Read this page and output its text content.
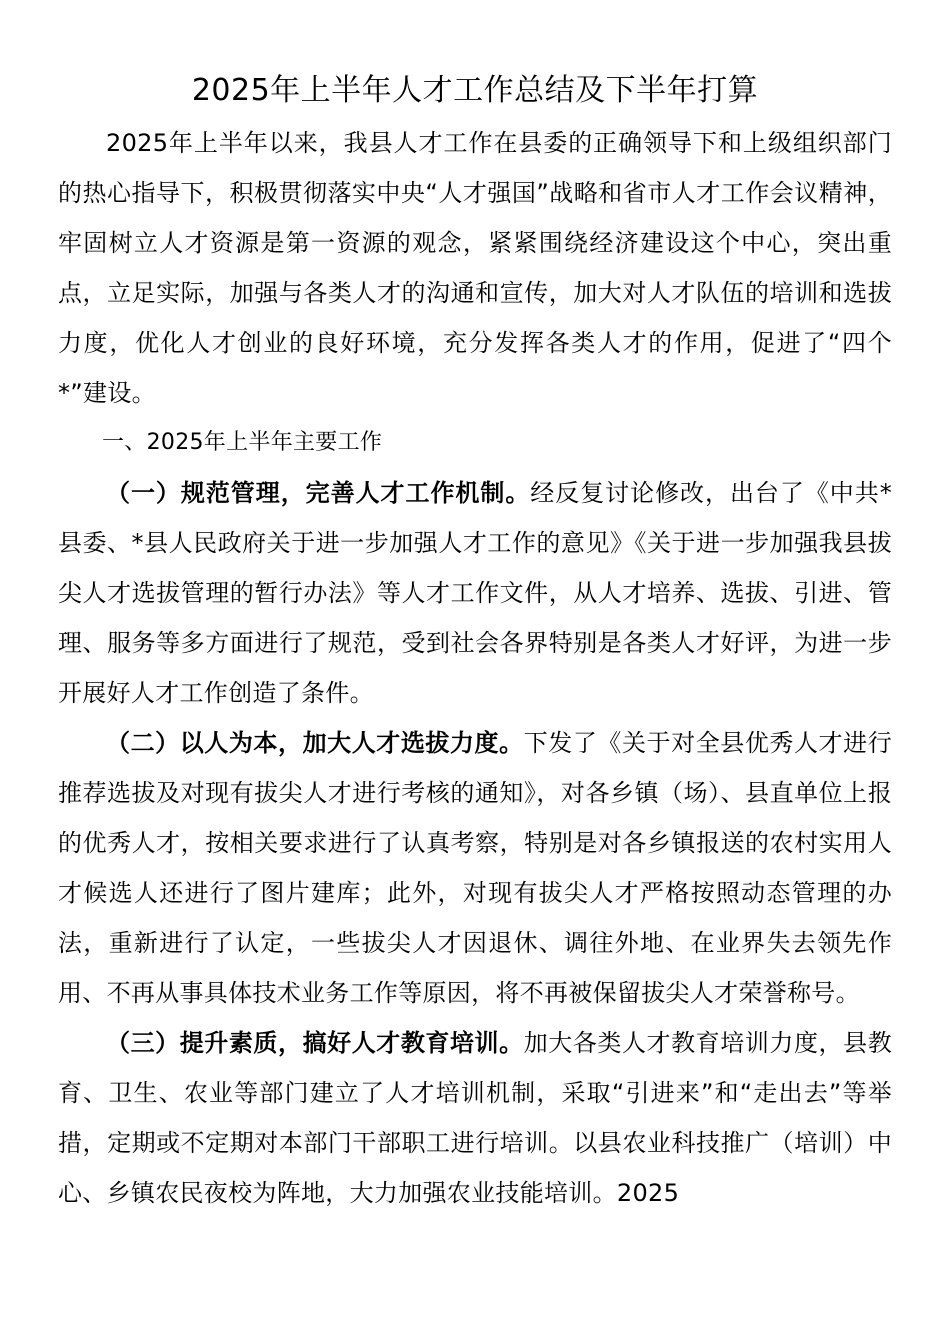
2025年上半年人才工作总结及下半年打算

2025年上半年以来，我县人才工作在县委的正确领导下和上级组织部门的热心指导下，积极贯彻落实中央“人才强国”战略和省市人才工作会议精神，牢固树立人才资源是第一资源的观念，紧紧围绕经济建设这个中心，突出重点，立足实际，加强与各类人才的沟通和宣传，加大对人才队伍的培训和选拔力度，优化人才创业的良好环境，充分发挥各类人才的作用，促进了“四个*”建设。

一、2025年上半年主要工作

（一）规范管理，完善人才工作机制。经反复讨论修改，出台了《中共*县委、*县人民政府关于进一步加强人才工作的意见》《关于进一步加强我县拔尖人才选拔管理的暂行办法》等人才工作文件，从人才培养、选拔、引进、管理、服务等多方面进行了规范，受到社会各界特别是各类人才好评，为进一步开展好人才工作创造了条件。

（二）以人为本，加大人才选拔力度。下发了《关于对全县优秀人才进行推荐选拔及对现有拔尖人才进行考核的通知》，对各乡镇（场）、县直单位上报的优秀人才，按相关要求进行了认真考察，特别是对各乡镇报送的农村实用人才候选人还进行了图片建库；此外，对现有拔尖人才严格按照动态管理的办法，重新进行了认定，一些拔尖人才因退休、调往外地、在业界失去领先作用、不再从事具体技术业务工作等原因，将不再被保留拔尖人才荣誉称号。

（三）提升素质，搞好人才教育培训。加大各类人才教育培训力度，县教育、卫生、农业等部门建立了人才培训机制，采取“引进来”和“走出去”等举措，定期或不定期对本部门干部职工进行培训。以县农业科技推广（培训）中心、乡镇农民夜校为阵地，大力加强农业技能培训。2025
